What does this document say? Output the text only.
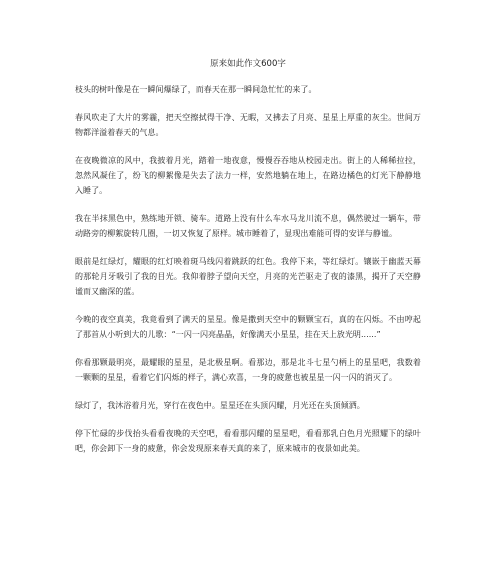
原来如此作文600字

枝头的树叶像是在一瞬间爆绿了，而春天在那一瞬间急忙忙的来了。

春风吹走了大片的雾霾，把天空擦拭得干净、无暇，又拂去了月亮、星星上厚重的灰尘。世间万物都洋溢着春天的气息。

在夜晚微凉的风中，我披着月光，踏着一地夜意，慢慢吞吞地从校园走出。街上的人稀稀拉拉，忽然风凝住了，纷飞的柳絮像是失去了法力一样，安然地躺在地上，在路边橘色的灯光下静静地入睡了。

我在半抹黑色中，熟练地开锁、骑车。道路上没有什么车水马龙川流不息，偶然驶过一辆车，带动路旁的柳絮旋转几圈，一切又恢复了原样。城市睡着了，显现出难能可得的安详与静谧。

眼前是红绿灯，耀眼的红灯映着斑马线闪着跳跃的红色。我停下来，等红绿灯。镶嵌于幽蓝天幕的那轮月牙吸引了我的目光。我仰着脖子望向天空，月亮的光芒驱走了夜的漆黑，揭开了天空静谧而又幽深的蓝。

今晚的夜空真美，我竟看到了满天的星星。像是撒到天空中的颗颗宝石，真的在闪烁。不由哼起了那首从小听到大的儿歌：“一闪一闪亮晶晶，好像满天小星星，挂在天上放光明......”

你看那颗最明亮，最耀眼的星星，是北极星啊。看那边，那是北斗七星勺柄上的星星吧，我数着一颗颗的星星，看着它们闪烁的样子，满心欢喜，一身的疲惫也被星星一闪一闪的消灭了。

绿灯了，我沐浴着月光，穿行在夜色中。星星还在头顶闪耀，月光还在头顶倾洒。

停下忙碌的步伐抬头看看夜晚的天空吧，看看那闪耀的星星吧，看看那乳白色月光照耀下的绿叶吧，你会卸下一身的疲惫，你会发现原来春天真的来了，原来城市的夜景如此美。
